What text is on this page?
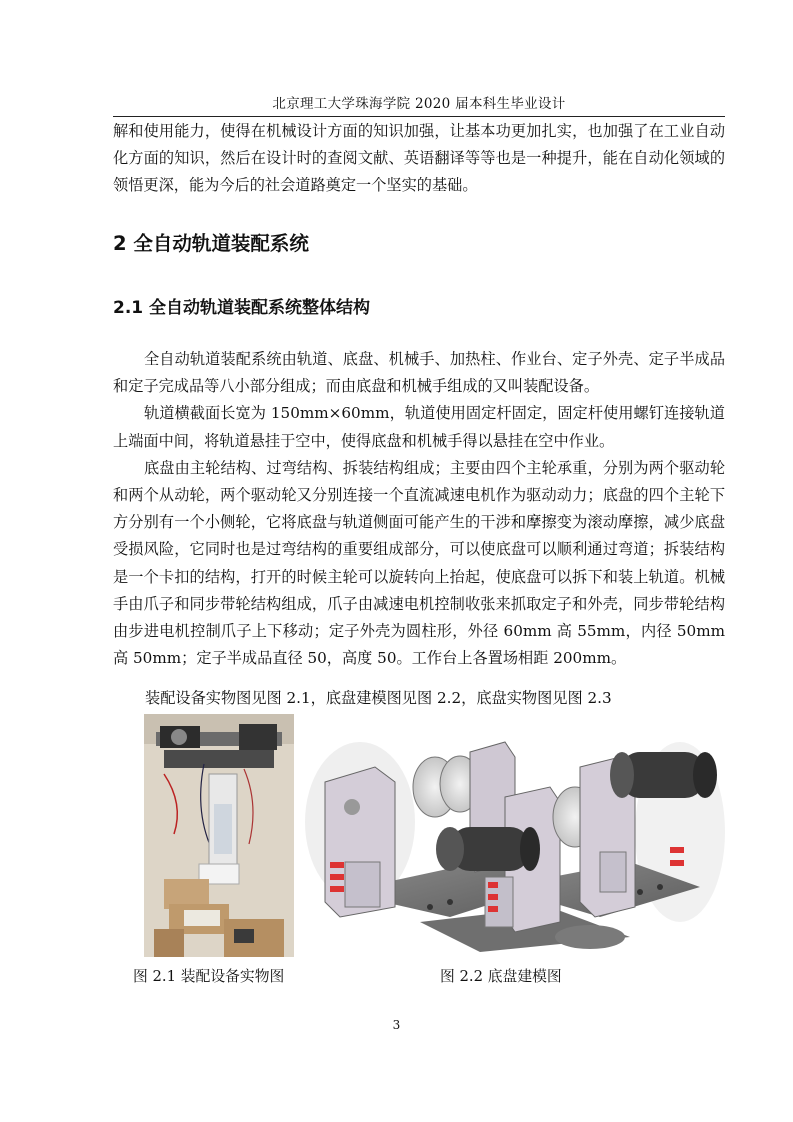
北京理工大学珠海学院 2020 届本科生毕业设计

解和使用能力，使得在机械设计方面的知识加强，让基本功更加扎实，也加强了在工业自动化方面的知识，然后在设计时的查阅文献、英语翻译等等也是一种提升，能在自动化领域的领悟更深，能为今后的社会道路奠定一个坚实的基础。

2 全自动轨道装配系统
2.1 全自动轨道装配系统整体结构

全自动轨道装配系统由轨道、底盘、机械手、加热柱、作业台、定子外壳、定子半成品和定子完成品等八小部分组成；而由底盘和机械手组成的又叫装配设备。

轨道横截面长宽为 150mm×60mm，轨道使用固定杆固定，固定杆使用螺钉连接轨道上端面中间，将轨道悬挂于空中，使得底盘和机械手得以悬挂在空中作业。

底盘由主轮结构、过弯结构、拆装结构组成；主要由四个主轮承重，分别为两个驱动轮和两个从动轮，两个驱动轮又分别连接一个直流减速电机作为驱动动力；底盘的四个主轮下方分别有一个小侧轮，它将底盘与轨道侧面可能产生的干涉和摩擦变为滚动摩擦，减少底盘受损风险，它同时也是过弯结构的重要组成部分，可以使底盘可以顺利通过弯道；拆装结构是一个卡扣的结构，打开的时候主轮可以旋转向上抬起，使底盘可以拆下和装上轨道。机械手由爪子和同步带轮结构组成，爪子由减速电机控制收张来抓取定子和外壳，同步带轮结构由步进电机控制爪子上下移动；定子外壳为圆柱形，外径 60mm 高 55mm，内径 50mm 高 50mm；定子半成品直径 50，高度 50。工作台上各置场相距 200mm。

装配设备实物图见图 2.1，底盘建模图见图 2.2，底盘实物图见图 2.3
图 2.1 装配设备实物图	图 2.2 底盘建模图
3
